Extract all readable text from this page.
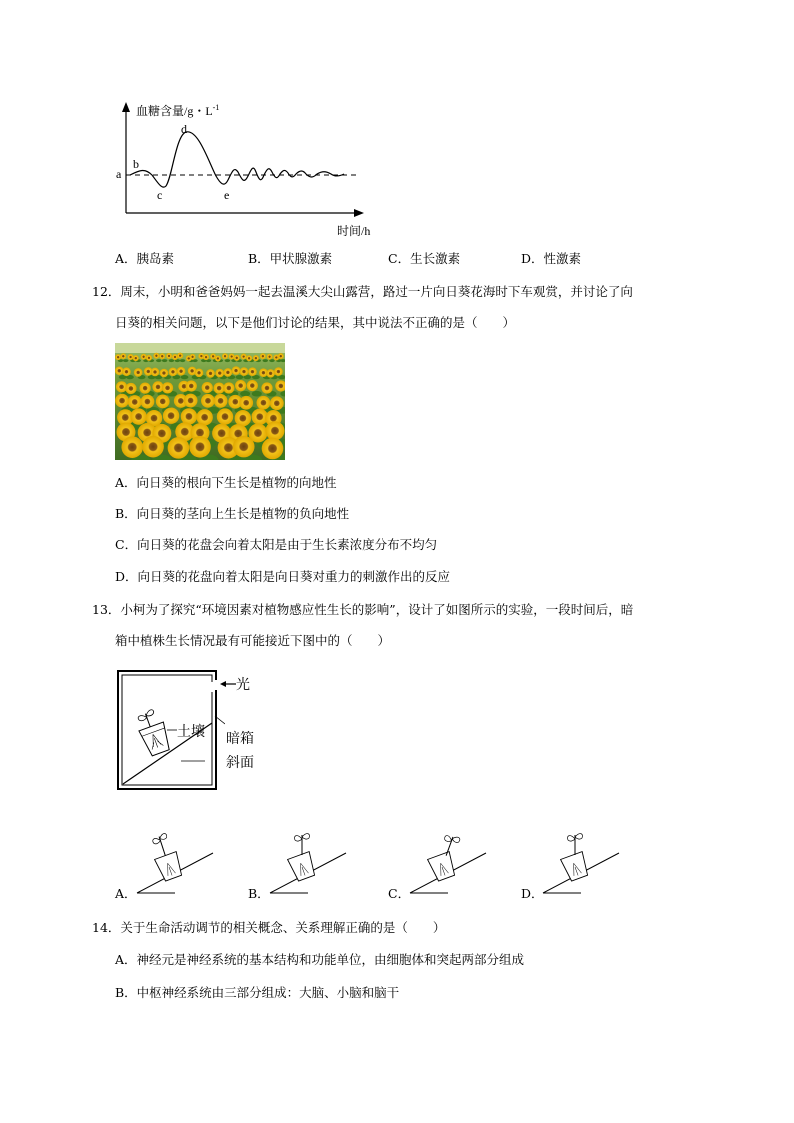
血糖含量/g・$L^{-1}$
a
b
c
d
e
时间/h
A．胰岛素	B．甲状腺激素	C．生长激素	D．性激素
12．周末，小明和爸爸妈妈一起去温溪大尖山露营，路过一片向日葵花海时下车观赏，并讨论了向
日葵的相关问题，以下是他们讨论的结果，其中说法不正确的是（　　）
A．向日葵的根向下生长是植物的向地性
B．向日葵的茎向上生长是植物的负向地性
C．向日葵的花盘会向着太阳是由于生长素浓度分布不均匀
D．向日葵的花盘向着太阳是向日葵对重力的刺激作出的反应
13．小柯为了探究“环境因素对植物感应性生长的影响”，设计了如图所示的实验，一段时间后，暗
箱中植株生长情况最有可能接近下图中的（　　）
光
土壤 暗箱
斜面
A．	B．	C．	D．
14．关于生命活动调节的相关概念、关系理解正确的是（　　）
A．神经元是神经系统的基本结构和功能单位，由细胞体和突起两部分组成
B．中枢神经系统由三部分组成：大脑、小脑和脑干
